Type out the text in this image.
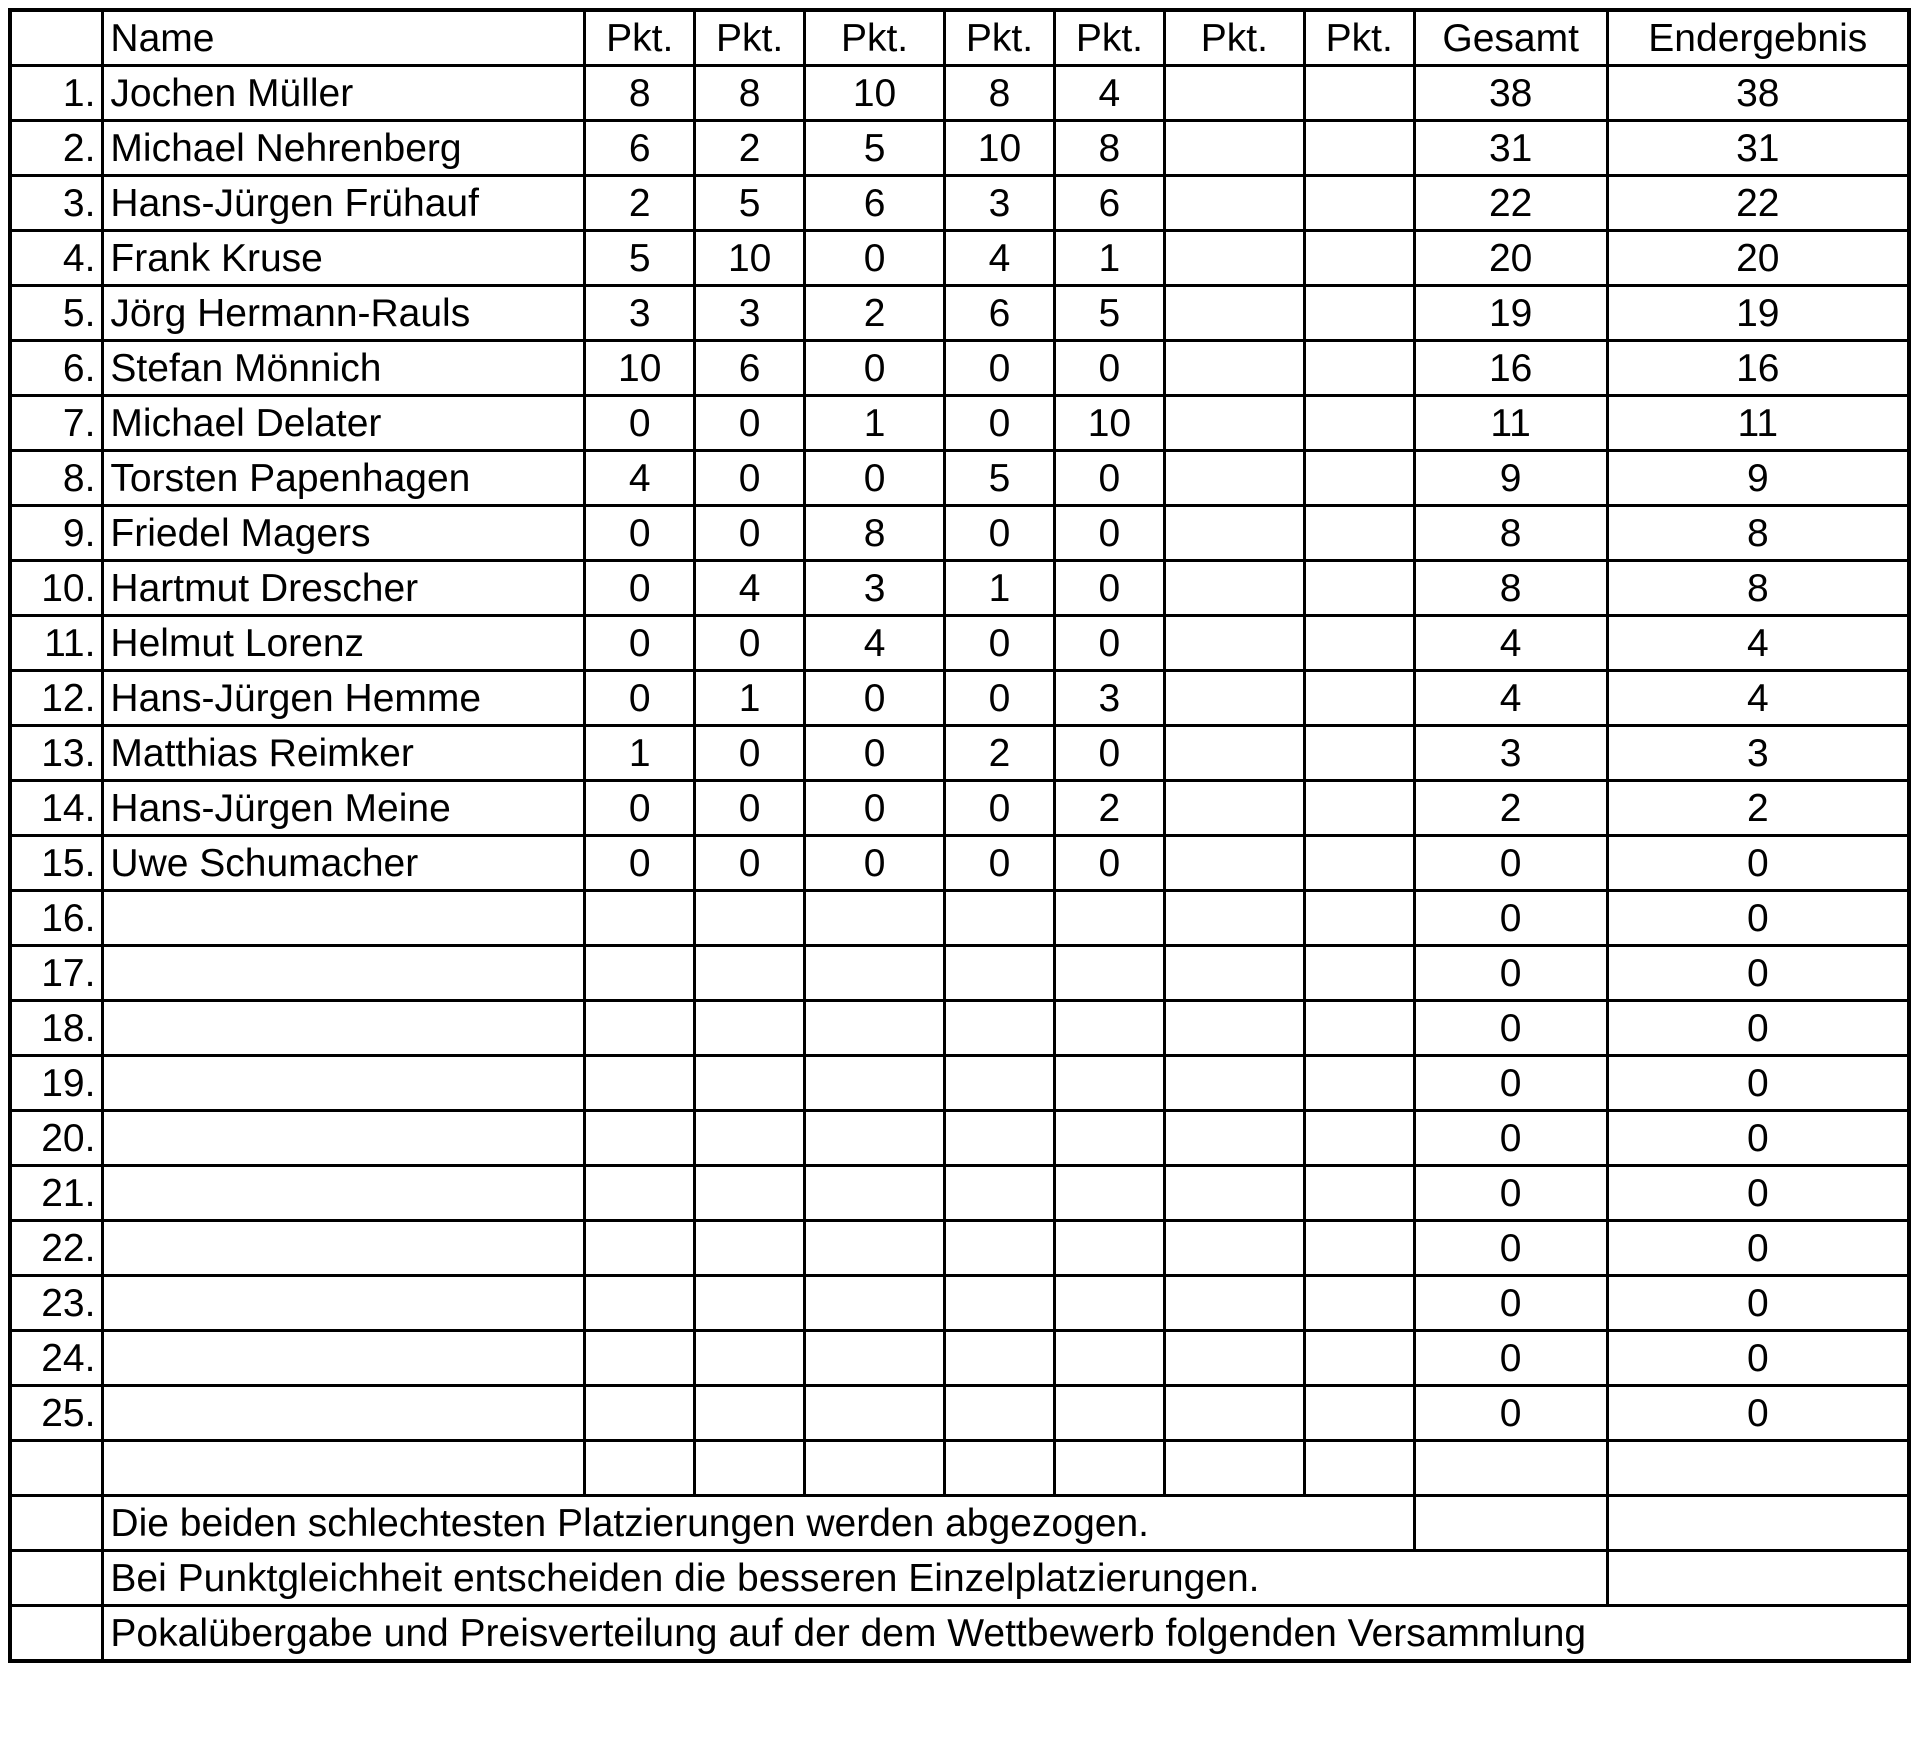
	Name	Pkt.	Pkt.	Pkt.	Pkt.	Pkt.	Pkt.	Pkt.	Gesamt	Endergebnis
1.	Jochen Müller	8	8	10	8	4			38	38
2.	Michael Nehrenberg	6	2	5	10	8			31	31
3.	Hans-Jürgen Frühauf	2	5	6	3	6			22	22
4.	Frank Kruse	5	10	0	4	1			20	20
5.	Jörg Hermann-Rauls	3	3	2	6	5			19	19
6.	Stefan Mönnich	10	6	0	0	0			16	16
7.	Michael Delater	0	0	1	0	10			11	11
8.	Torsten Papenhagen	4	0	0	5	0			9	9
9.	Friedel Magers	0	0	8	0	0			8	8
10.	Hartmut Drescher	0	4	3	1	0			8	8
11.	Helmut Lorenz	0	0	4	0	0			4	4
12.	Hans-Jürgen Hemme	0	1	0	0	3			4	4
13.	Matthias Reimker	1	0	0	2	0			3	3
14.	Hans-Jürgen Meine	0	0	0	0	2			2	2
15.	Uwe Schumacher	0	0	0	0	0			0	0
16.									0	0
17.									0	0
18.									0	0
19.									0	0
20.									0	0
21.									0	0
22.									0	0
23.									0	0
24.									0	0
25.									0	0

	Die beiden schlechtesten Platzierungen werden abgezogen.									
	Bei Punktgleichheit entscheiden die besseren Einzelplatzierungen.									
	Pokalübergabe und Preisverteilung auf der dem Wettbewerb folgenden Versammlung									
